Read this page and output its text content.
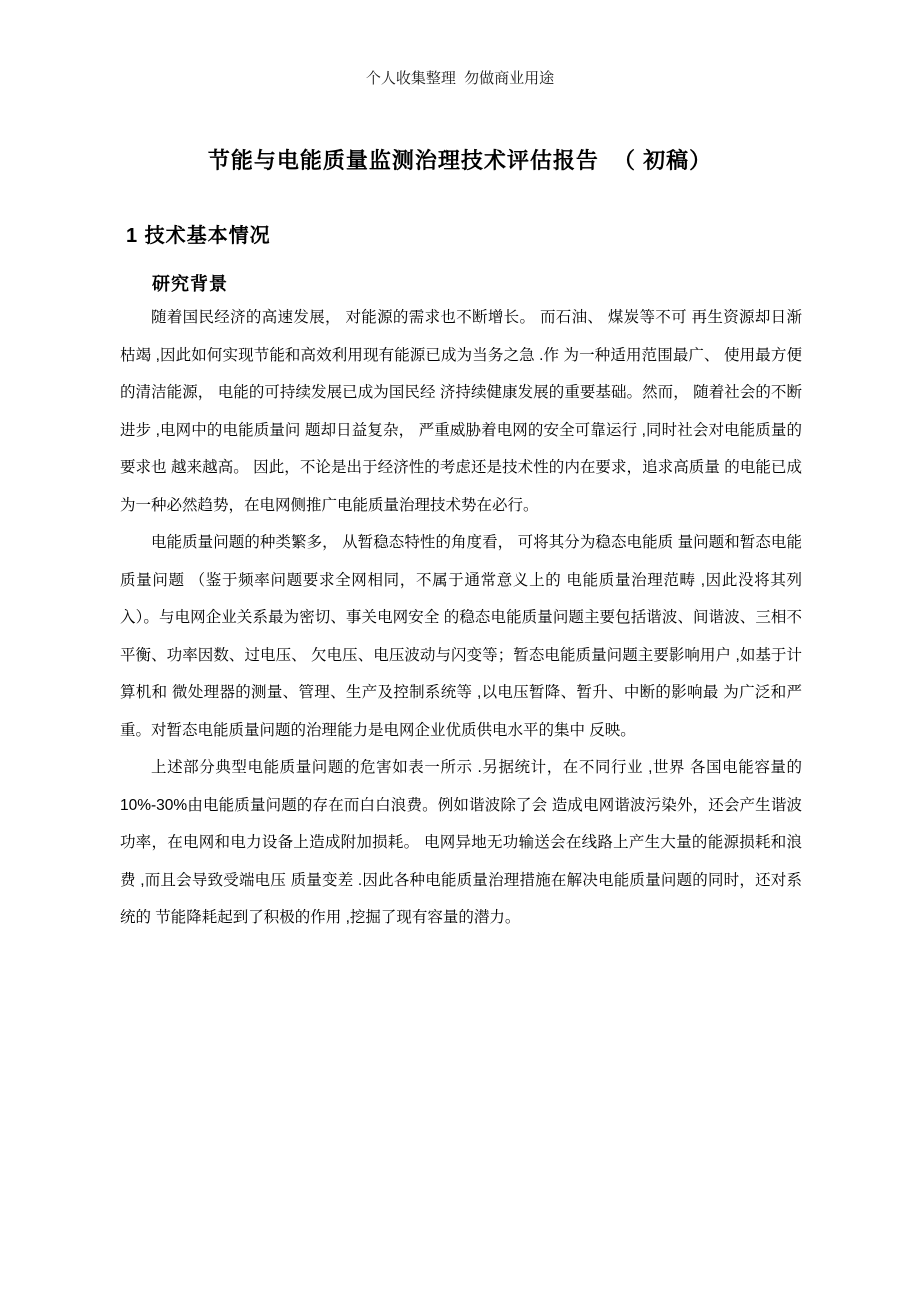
个人收集整理  勿做商业用途
节能与电能质量监测治理技术评估报告  （ 初稿）
1 技术基本情况
研究背景

随着国民经济的高速发展， 对能源的需求也不断增长。 而石油、 煤炭等不可 再生资源却日渐枯竭 ,因此如何实现节能和高效利用现有能源已成为当务之急 .作 为一种适用范围最广、 使用最方便的清洁能源， 电能的可持续发展已成为国民经 济持续健康发展的重要基础。然而， 随着社会的不断进步 ,电网中的电能质量问 题却日益复杂， 严重威胁着电网的安全可靠运行 ,同时社会对电能质量的要求也 越来越高。 因此，不论是出于经济性的考虑还是技术性的内在要求，追求高质量 的电能已成为一种必然趋势，在电网侧推广电能质量治理技术势在必行。

电能质量问题的种类繁多， 从暂稳态特性的角度看， 可将其分为稳态电能质 量问题和暂态电能质量问题 （鉴于频率问题要求全网相同，不属于通常意义上的 电能质量治理范畴 ,因此没将其列入）。与电网企业关系最为密切、事关电网安全 的稳态电能质量问题主要包括谐波、间谐波、三相不平衡、功率因数、过电压、 欠电压、电压波动与闪变等；暂态电能质量问题主要影响用户 ,如基于计算机和 微处理器的测量、管理、生产及控制系统等 ,以电压暂降、暂升、中断的影响最 为广泛和严重。对暂态电能质量问题的治理能力是电网企业优质供电水平的集中 反映。

上述部分典型电能质量问题的危害如表一所示 .另据统计，在不同行业 ,世界 各国电能容量的 10%-30%由电能质量问题的存在而白白浪费。例如谐波除了会 造成电网谐波污染外，还会产生谐波功率，在电网和电力设备上造成附加损耗。 电网异地无功输送会在线路上产生大量的能源损耗和浪费 ,而且会导致受端电压 质量变差 .因此各种电能质量治理措施在解决电能质量问题的同时，还对系统的 节能降耗起到了积极的作用 ,挖掘了现有容量的潜力。
